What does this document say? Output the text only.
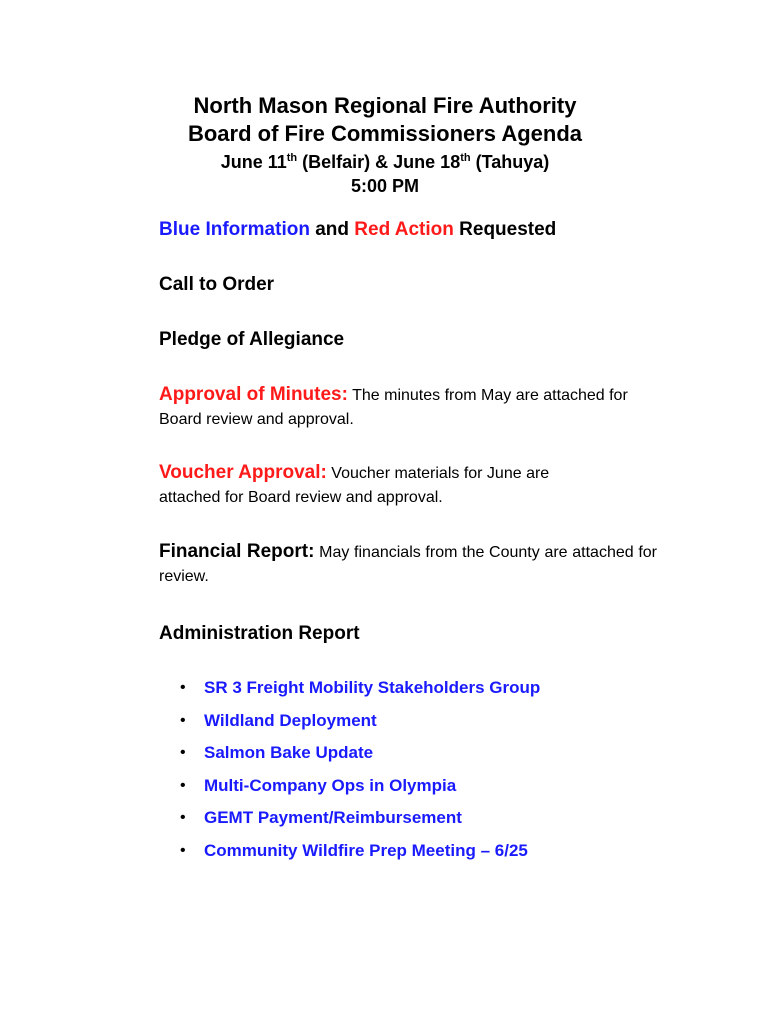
North Mason Regional Fire Authority
Board of Fire Commissioners Agenda
June 11th (Belfair) & June 18th (Tahuya)
5:00 PM
Blue Information and Red Action Requested
Call to Order
Pledge of Allegiance
Approval of Minutes: The minutes from May are attached for Board review and approval.
Voucher Approval: Voucher materials for June are attached for Board review and approval.
Financial Report: May financials from the County are attached for review.
Administration Report
• SR 3 Freight Mobility Stakeholders Group
• Wildland Deployment
• Salmon Bake Update
• Multi-Company Ops in Olympia
• GEMT Payment/Reimbursement
• Community Wildfire Prep Meeting – 6/25
